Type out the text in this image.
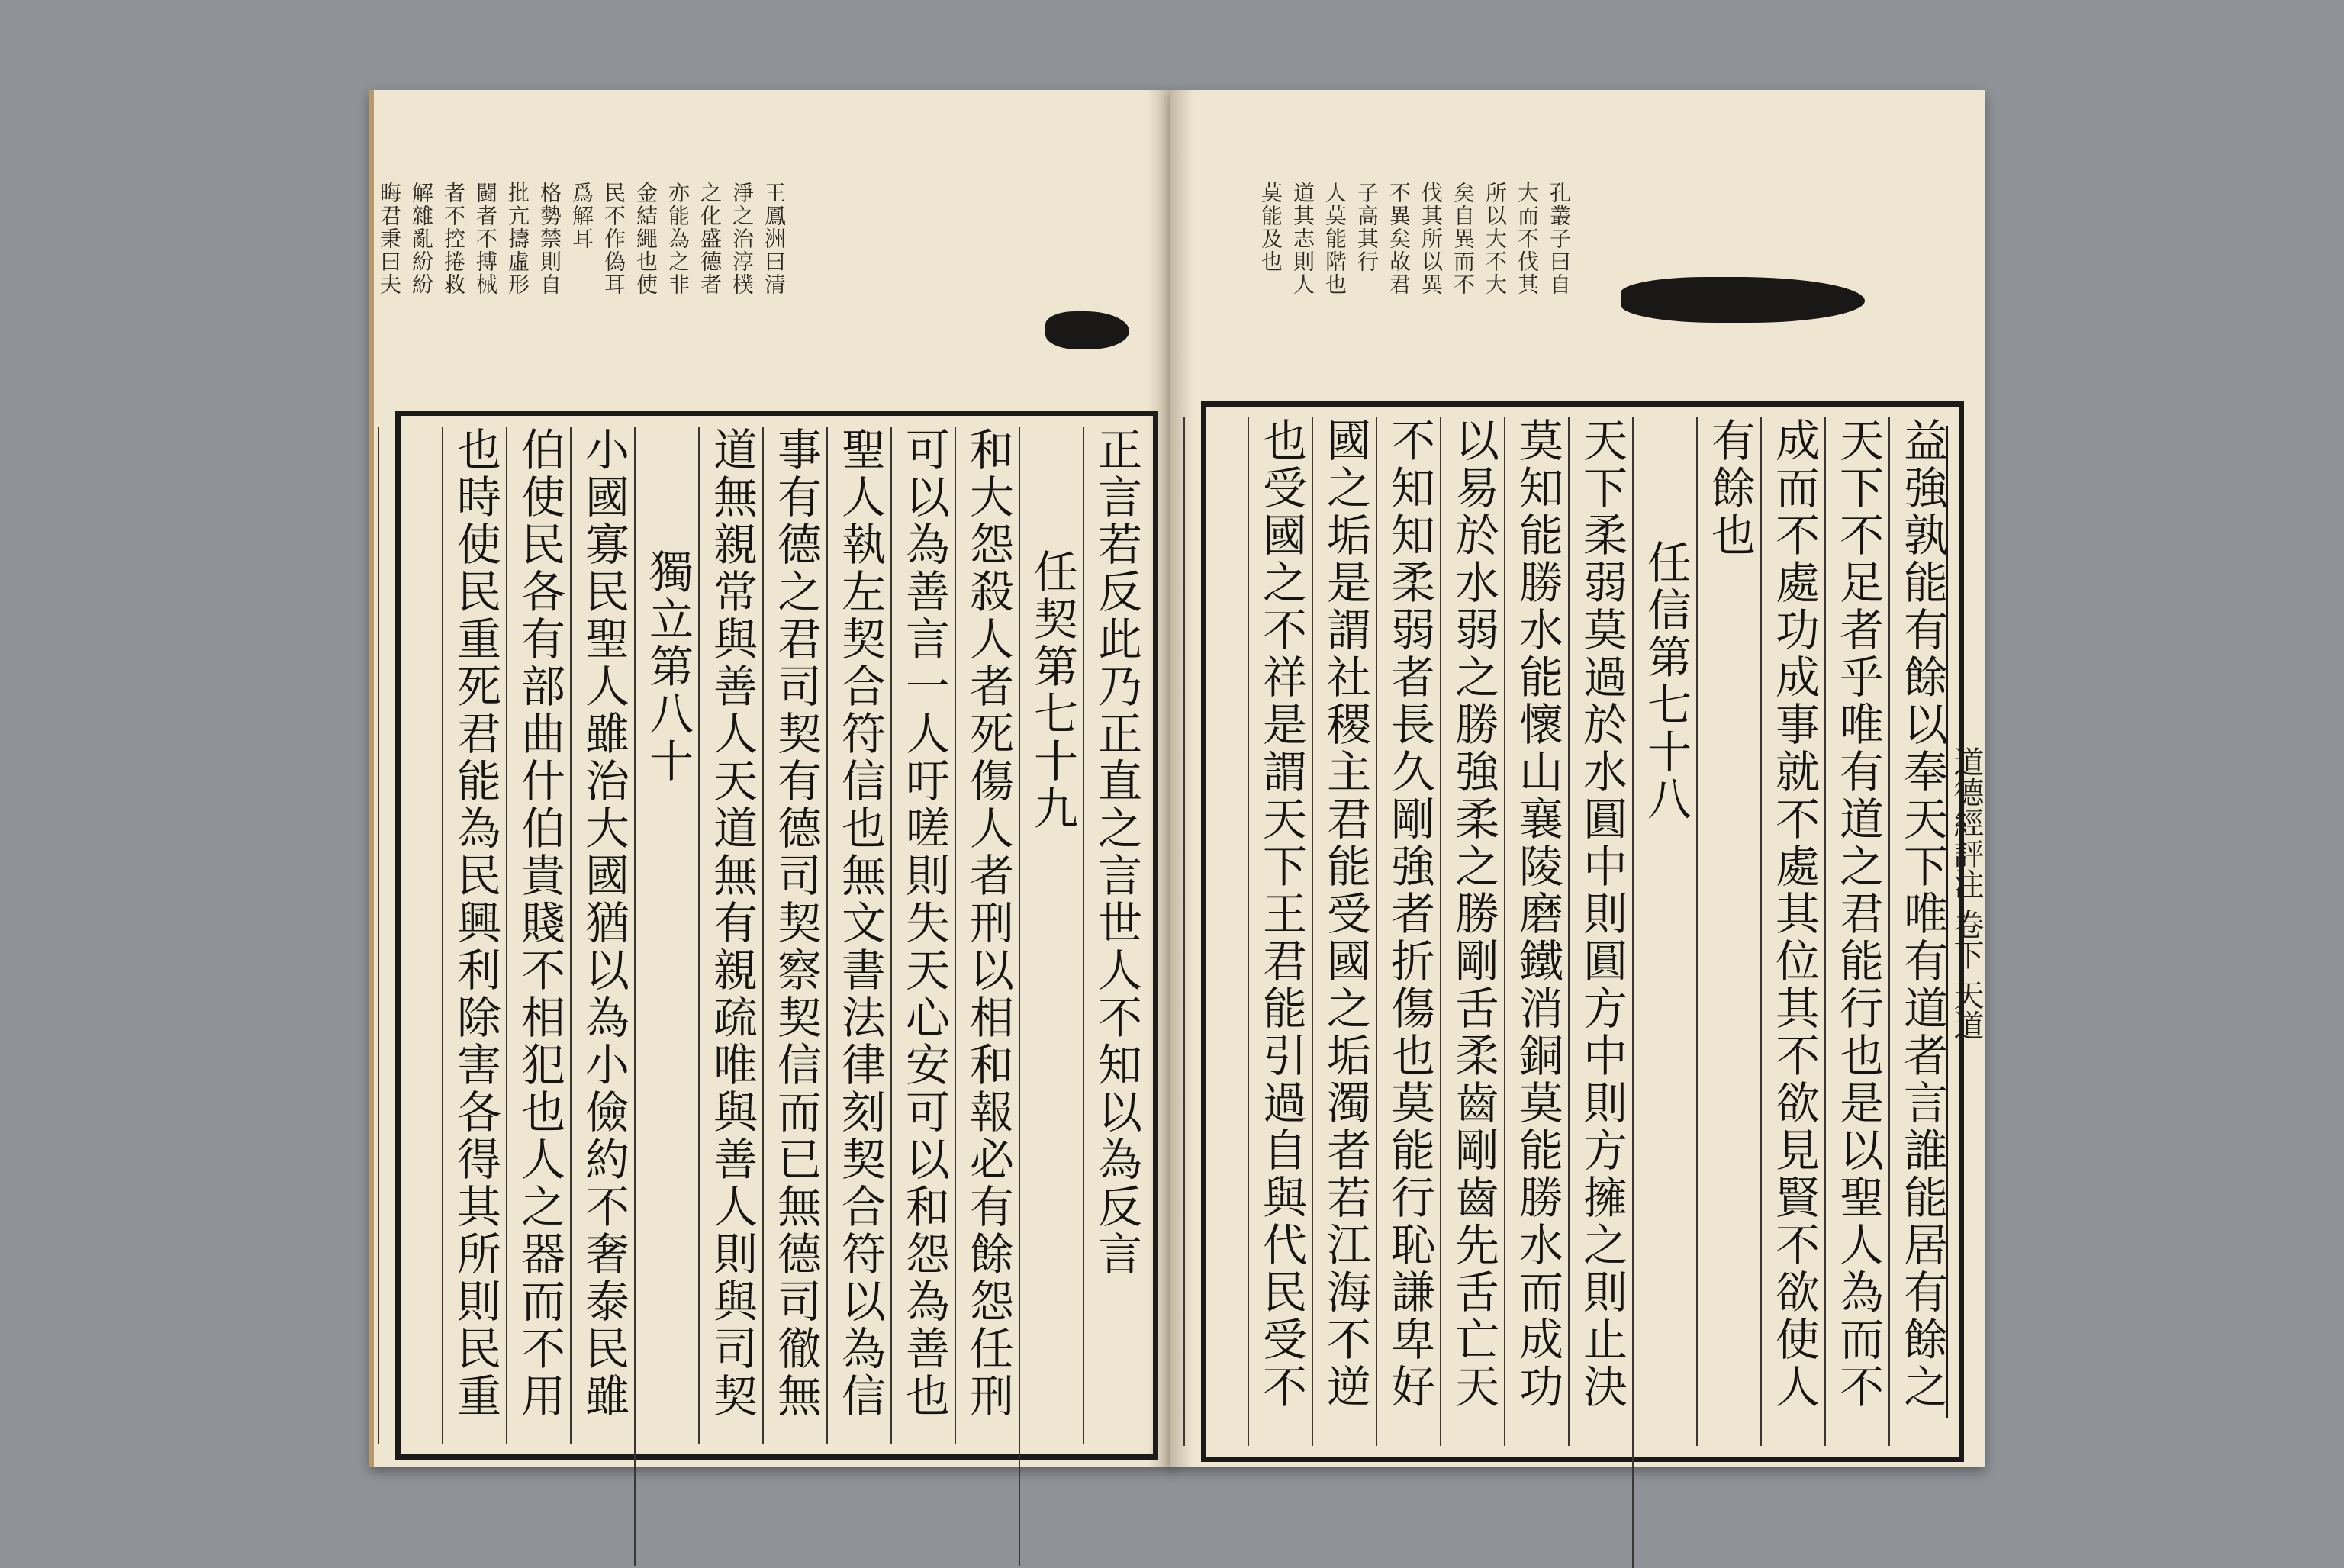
王鳳洲曰清
淨之治淳樸
之化盛德者
亦能為之非
金結繩也使
民不作偽耳
爲解耳
格勢禁則自
批亢擣虛形
闘者不搏械
者不控捲救
解雜亂紛紛
晦君秉曰夫
正言若反此乃正直之言世人不知以為反言
任契第七十九
和大怨殺人者死傷人者刑以相和報必有餘怨任刑
可以為善言一人吁嗟則失天心安可以和怨為善也
聖人執左契合符信也無文書法律刻契合符以為信
事有德之君司契有德司契察契信而已無德司徹無
道無親常與善人天道無有親疏唯與善人則與司契
獨立第八十
小國寡民聖人雖治大國猶以為小儉約不奢泰民雖
伯使民各有部曲什伯貴賤不相犯也人之器而不用
也時使民重死君能為民興利除害各得其所則民重
孔叢子曰自
大而不伐其
所以大不大
矣自異而不
伐其所以異
不異矣故君
子高其行
人莫能階也
道其志則人
莫能及也
益強孰能有餘以奉天下唯有道者言誰能居有餘之
天下不足者乎唯有道之君能行也是以聖人為而不
成而不處功成事就不處其位其不欲見賢不欲使人
有餘也
任信第七十八
天下柔弱莫過於水圓中則圓方中則方擁之則止決
莫知能勝水能懷山襄陵磨鐵消銅莫能勝水而成功
以易於水弱之勝強柔之勝剛舌柔齒剛齒先舌亡天
不知知柔弱者長久剛強者折傷也莫能行恥謙卑好
國之垢是謂社稷主君能受國之垢濁者若江海不逆
也受國之不祥是謂天下王君能引過自與代民受不
道德經評注 卷下 天道
